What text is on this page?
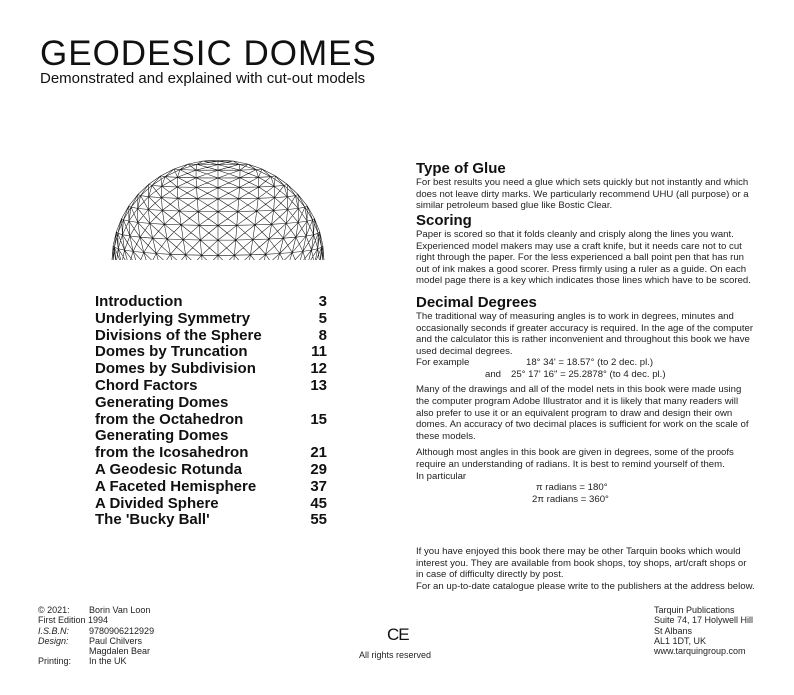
GEODESIC DOMES
Demonstrated and explained with cut-out models
Introduction	3
Underlying Symmetry	5
Divisions of the Sphere	8
Domes by Truncation	11
Domes by Subdivision	12
Chord Factors	13
Generating Domes
from the Octahedron	15
Generating Domes
from the Icosahedron	21
A Geodesic Rotunda	29
A Faceted Hemisphere	37
A Divided Sphere	45
The 'Bucky Ball'	55
Type of Glue

For best results you need a glue which sets quickly but not instantly and which does not leave dirty marks. We particularly recommend UHU (all purpose) or a similar petroleum based glue like Bostic Clear.

Scoring

Paper is scored so that it folds cleanly and crisply along the lines you want. Experienced model makers may use a craft knife, but it needs care not to cut right through the paper. For the less experienced a ball point pen that has run out of ink makes a good scorer. Press firmly using a ruler as a guide. On each model page there is a key which indicates those lines which have to be scored.

Decimal Degrees

The traditional way of measuring angles is to work in degrees, minutes and occasionally seconds if greater accuracy is required. In the age of the computer and the calculator this is rather inconvenient and throughout this book we have used decimal degrees.

For example	18° 34' = 18.57° (to 2 dec. pl.)
and 25° 17' 16" = 25.2878° (to 4 dec. pl.)

Many of the drawings and all of the model nets in this book were made using the computer program Adobe Illustrator and it is likely that many readers will also prefer to use it or an equivalent program to draw and design their own domes. An accuracy of two decimal places is sufficient for work on the scale of these models.

Although most angles in this book are given in degrees, some of the proofs require an understanding of radians. It is best to remind yourself of them.

In particular
π radians = 180°
2π radians = 360°

If you have enjoyed this book there may be other Tarquin books which would interest you. They are available from book shops, toy shops, art/craft shops or in case of difficulty directly by post.

For an up-to-date catalogue please write to the publishers at the address below.

© 2021: Borin Van Loon
First Edition 1994
I.S.B.N: 9780906212929
Design: Paul Chilvers
Magdalen Bear
Printing: In the UK
CE
All rights reserved
Tarquin Publications
Suite 74, 17 Holywell Hill
St Albans
AL1 1DT, UK
www.tarquingroup.com
